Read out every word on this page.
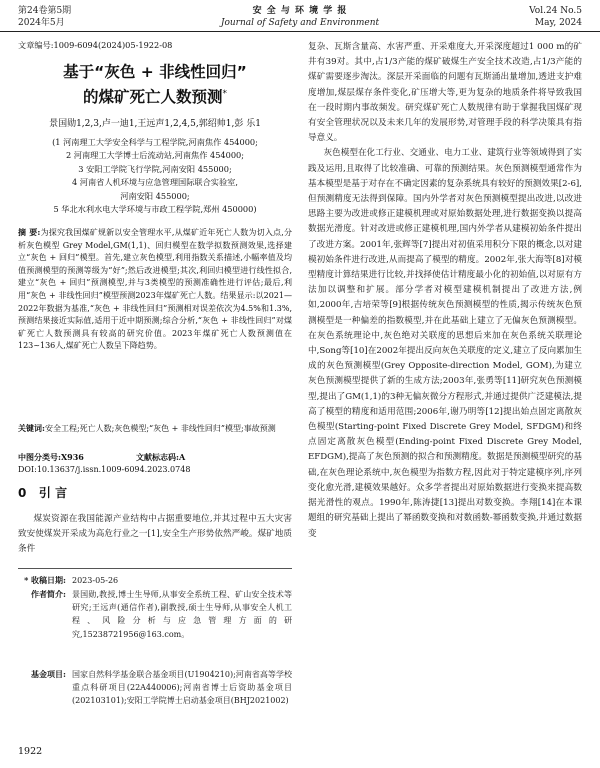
第24卷第5期
2024年5月
安 全 与 环 境 学 报
Journal of Safety and Environment
Vol.24 No.5
May, 2024
文章编号:1009-6094(2024)05-1922-08
基于“灰色 + 非线性回归”
的煤矿死亡人数预测*
景国勋1,2,3,卢一迪1,王远声1,2,4,5,郭绍帅1,彭 乐1
(1 河南理工大学安全科学与工程学院,河南焦作 454000;
2 河南理工大学博士后流动站,河南焦作 454000;
3 安阳工学院飞行学院,河南安阳 455000;
4 河南省人机环境与应急管理国际联合实验室,
河南安阳 455000;
5 华北水利水电大学环境与市政工程学院,郑州 450000)
摘 要:为探究我国煤矿规新以安全管理水平,从煤矿近年死亡人数为切入点,分析灰色模型 Grey Model,GM(1,1)、回归模型在数学拟数预测效果,选择建立“灰色 + 回归”模型。首先,建立灰色模型,利用指数关系描述,小幅率值及均值预测模型的预测等级为“好”;然后改进模型;其次,利回归模型进行线性拟合,建立“灰色 + 回归”预测模型,并与3类模型的预测准确性进行评估;最后,利用“灰色 + 非线性回归”模型预测2023年煤矿死亡人数。结果显示:以2021—2022年数据为基准,“灰色 + 非线性回归”预测相对误差依次为4.5%和1.3%,预测结果接近实际值,适用于近中期预测;综合分析,“灰色 + 非线性回归”对煤矿死亡人数预测具有较高的研究价值。2023年煤矿死亡人数预测值在123~136人,煤矿死亡人数呈下降趋势。
关键词:安全工程;死亡人数;灰色模型;“灰色 + 非线性回归”模型;事故预测
中图分类号:X936	文献标志码:A
DOI:10.13637/j.issn.1009-6094.2023.0748
0 引 言

煤炭资源在我国能源产业结构中占据重要地位,并其过程中五大灾害致安使煤炭开采成为高危行业之一[1],安全生产形势依然严峻。煤矿地质条件

* 收稿日期: 2023-05-26
作者简介: 景国勋,教授,博士生导师,从事安全系统工程、矿山安全技术等研究;王远声(通信作者),副教授,硕士生导师,从事安全人机工程、风险分析与应急管理方面的研究,15238721956@163.com。
基金项目: 国家自然科学基金联合基金项目(U1904210);河南省高等学校重点科研项目(22A440006);河南省博士后资助基金项目(202103101);安阳工学院博士启动基金项目(BHJ2021002)
1922

复杂、瓦斯含量高、水害严重、开采难度大,开采深度超过1 000 m的矿井有39对。其中,占1/3产能的煤矿破煤生产安全技术改造,占1/3产能的煤矿需要逐步淘汰。深层开采面临的问题有瓦斯涌出量增加,透进支护难度增加,煤层煤存条件变化,矿压增大等,更为复杂的地质条件将导致我国在一段时期内事故频发。研究煤矿死亡人数规律有助于掌握我国煤矿现有安全管理状况以及未来几年的发展形势,对管理手段的科学决策具有指导意义。

灰色模型在化工行业、交通业、电力工业、建筑行业等领域得到了实践及运用,且取得了比较准确、可靠的预测结果。灰色预测模型通常作为基本模型是基于对存在不确定因素的复杂系统具有较好的预测效果[2-6],但预测精度无法得到保障。国内外学者对灰色预测模型提出改进,以改进思路主要为改进或修正建模机理或对原始数据处理,进行数据变换以提高数据光滑度。针对改进或修正建模机理,国内外学者从建模初始条件提出了改进方案。2001年,张辉等[7]提出对初值采用积分下限的概念,以对建模初始条件进行改进,从而提高了模型的精度。2002年,张大海等[8]对模型精度计算结果进行比较,并找择使估计精度最小化的初始值,以对原有方法加以调整和扩展。部分学者对模型建模机制提出了改进方法,例如,2000年,吉培荣等[9]根据传统灰色预测模型的性质,揭示传统灰色预测模型是一种偏差的指数模型,并在此基础上建立了无偏灰色预测模型。在灰色系统理论中,灰色绝对关联度的思想后来加在灰色系统关联理论中,Song等[10]在2002年提出反向灰色关联度的定义,建立了反向累加生成的灰色预测模型(Grey Opposite-direction Model, GOM),为建立灰色预测模型提供了新的生成方法;2003年,张勇等[11]研究灰色预测模型,提出了GM(1,1)的3种无偏灰微分方程形式,并通过提供广泛建模法,提高了模型的精度和适用范围;2006年,谢乃明等[12]提出始点固定离散灰色模型(Starting-point Fixed Discrete Grey Model, SFDGM)和终点固定离散灰色模型(Ending-point Fixed Discrete Grey Model, EFDGM),提高了灰色预测的拟合和预测精度。数据是预测模型研究的基础,在灰色理论系统中,灰色模型为指数方程,因此对于特定建模序列,序列变化愈光滑,建模效果越好。众多学者提出对原始数据进行变换来提高数据光滑性的观点。1990年,陈涛捷[13]提出对数变换。李翔[14]在本课题组的研究基础上提出了幂函数变换和对数函数-幂函数变换,并通过数据变
